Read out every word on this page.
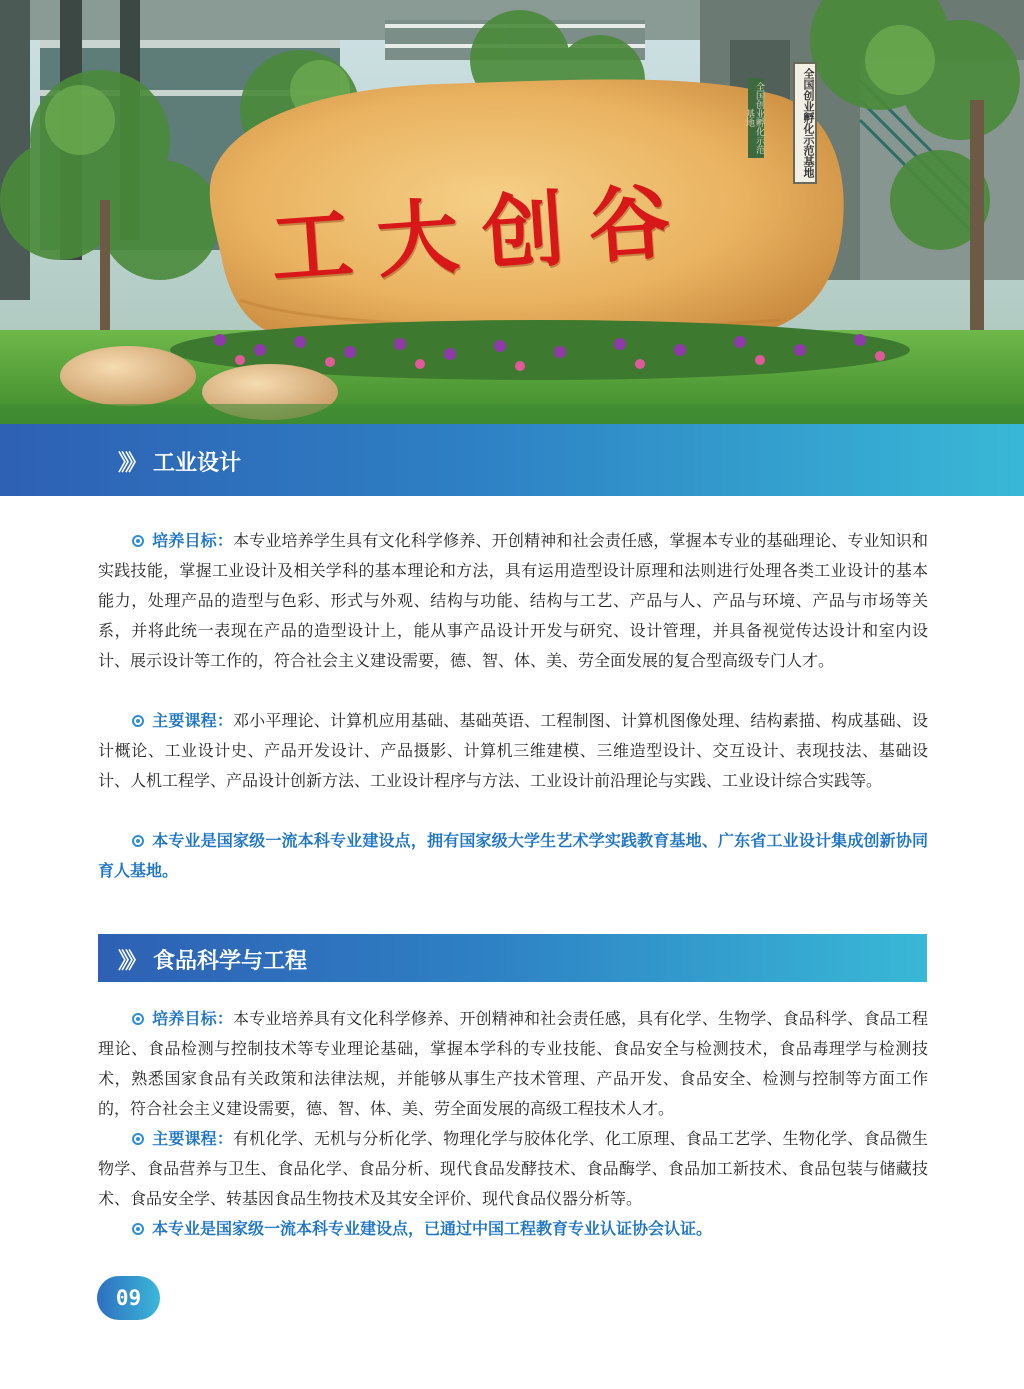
全国创业孵化示范基地
全国创业孵化示范基地
工大创谷
》》 工业设计

培养目标：本专业培养学生具有文化科学修养、开创精神和社会责任感，掌握本专业的基础理论、专业知识和实践技能，掌握工业设计及相关学科的基本理论和方法，具有运用造型设计原理和法则进行处理各类工业设计的基本能力，处理产品的造型与色彩、形式与外观、结构与功能、结构与工艺、产品与人、产品与环境、产品与市场等关系，并将此统一表现在产品的造型设计上，能从事产品设计开发与研究、设计管理，并具备视觉传达设计和室内设计、展示设计等工作的，符合社会主义建设需要，德、智、体、美、劳全面发展的复合型高级专门人才。

主要课程：邓小平理论、计算机应用基础、基础英语、工程制图、计算机图像处理、结构素描、构成基础、设计概论、工业设计史、产品开发设计、产品摄影、计算机三维建模、三维造型设计、交互设计、表现技法、基础设计、人机工程学、产品设计创新方法、工业设计程序与方法、工业设计前沿理论与实践、工业设计综合实践等。

本专业是国家级一流本科专业建设点，拥有国家级大学生艺术学实践教育基地、广东省工业设计集成创新协同育人基地。

》》 食品科学与工程

培养目标：本专业培养具有文化科学修养、开创精神和社会责任感，具有化学、生物学、食品科学、食品工程理论、食品检测与控制技术等专业理论基础，掌握本学科的专业技能、食品安全与检测技术，食品毒理学与检测技术，熟悉国家食品有关政策和法律法规，并能够从事生产技术管理、产品开发、食品安全、检测与控制等方面工作的，符合社会主义建设需要，德、智、体、美、劳全面发展的高级工程技术人才。

主要课程：有机化学、无机与分析化学、物理化学与胶体化学、化工原理、食品工艺学、生物化学、食品微生物学、食品营养与卫生、食品化学、食品分析、现代食品发酵技术、食品酶学、食品加工新技术、食品包装与储藏技术、食品安全学、转基因食品生物技术及其安全评价、现代食品仪器分析等。

本专业是国家级一流本科专业建设点，已通过中国工程教育专业认证协会认证。

09
